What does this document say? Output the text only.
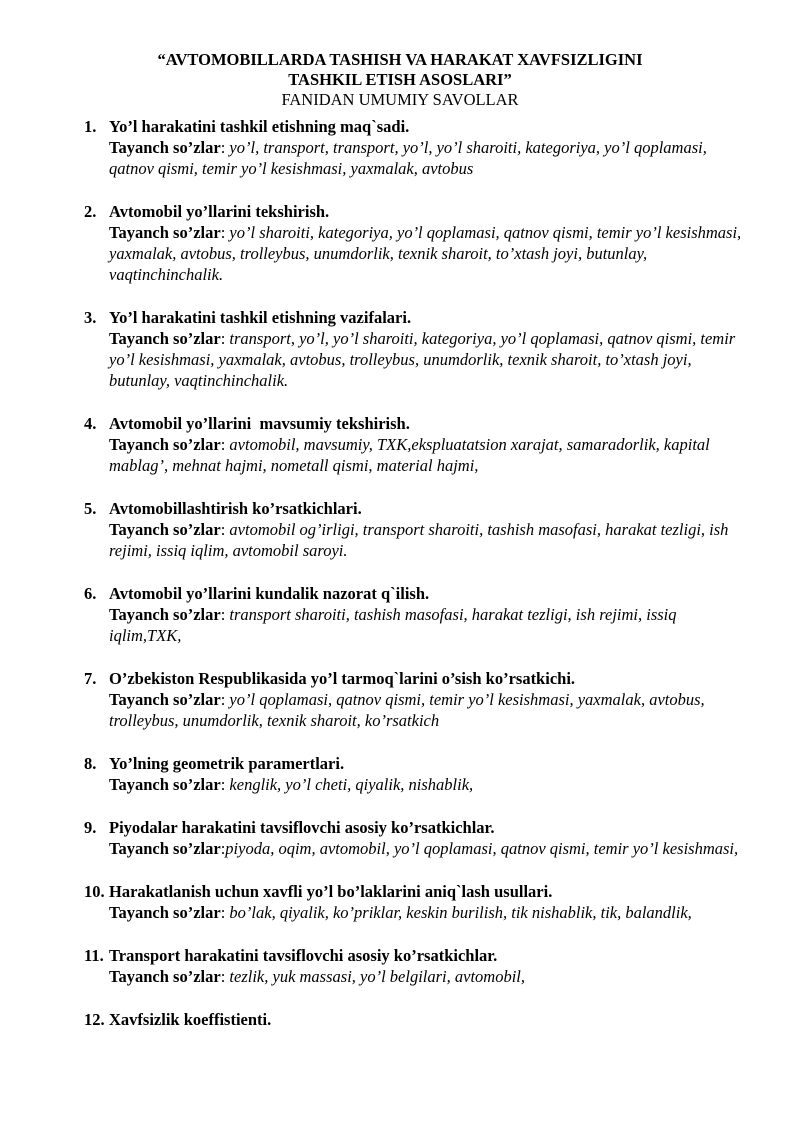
“AVTOMOBILLARDA TASHISH VA HARAKAT XAVFSIZLIGINI

TASHKIL ETISH ASOSLARI”

FANIDAN UMUMIY SAVOLLAR

1. Yo’l harakatini tashkil etishning maq`sadi.
Tayanch so’zlar: yo’l, transport, transport, yo’l, yo’l sharoiti, kategoriya, yo’l qoplamasi, qatnov qismi, temir yo’l kesishmasi, yaxmalak, avtobus
2. Avtomobil yo’llarini tekshirish.
Tayanch so’zlar: yo’l sharoiti, kategoriya, yo’l qoplamasi, qatnov qismi, temir yo’l kesishmasi, yaxmalak, avtobus, trolleybus, unumdorlik, texnik sharoit, to’xtash joyi, butunlay, vaqtinchinchalik.
3. Yo’l harakatini tashkil etishning vazifalari.
Tayanch so’zlar: transport, yo’l, yo’l sharoiti, kategoriya, yo’l qoplamasi, qatnov qismi, temir yo’l kesishmasi, yaxmalak, avtobus, trolleybus, unumdorlik, texnik sharoit, to’xtash joyi, butunlay, vaqtinchinchalik.
4. Avtomobil yo’llarini  mavsumiy tekshirish.
Tayanch so’zlar: avtomobil, mavsumiy, TXK,ekspluatatsion xarajat, samaradorlik, kapital mablag’, mehnat hajmi, nometall qismi, material hajmi,
5. Avtomobillashtirish ko’rsatkichlari.
Tayanch so’zlar: avtomobil og’irligi, transport sharoiti, tashish masofasi, harakat tezligi, ish rejimi, issiq iqlim, avtomobil saroyi.
6. Avtomobil yo’llarini kundalik nazorat q`ilish.
Tayanch so’zlar: transport sharoiti, tashish masofasi, harakat tezligi, ish rejimi, issiq iqlim,TXK,
7. O’zbekiston Respublikasida yo’l tarmoq`larini o’sish ko’rsatkichi.
Tayanch so’zlar: yo’l qoplamasi, qatnov qismi, temir yo’l kesishmasi, yaxmalak, avtobus, trolleybus, unumdorlik, texnik sharoit, ko’rsatkich
8. Yo’lning geometrik paramertlari.
Tayanch so’zlar: kenglik, yo’l cheti, qiyalik, nishablik,
9. Piyodalar harakatini tavsiflovchi asosiy ko’rsatkichlar.
Tayanch so’zlar:piyoda, oqim, avtomobil, yo’l qoplamasi, qatnov qismi, temir yo’l kesishmasi,
10. Harakatlanish uchun xavfli yo’l bo’laklarini aniq`lash usullari.
Tayanch so’zlar: bo’lak, qiyalik, ko’priklar, keskin burilish, tik nishablik, tik, balandlik,
11. Transport harakatini tavsiflovchi asosiy ko’rsatkichlar.
Tayanch so’zlar: tezlik, yuk massasi, yo’l belgilari, avtomobil,
12. Xavfsizlik koeffistienti.
